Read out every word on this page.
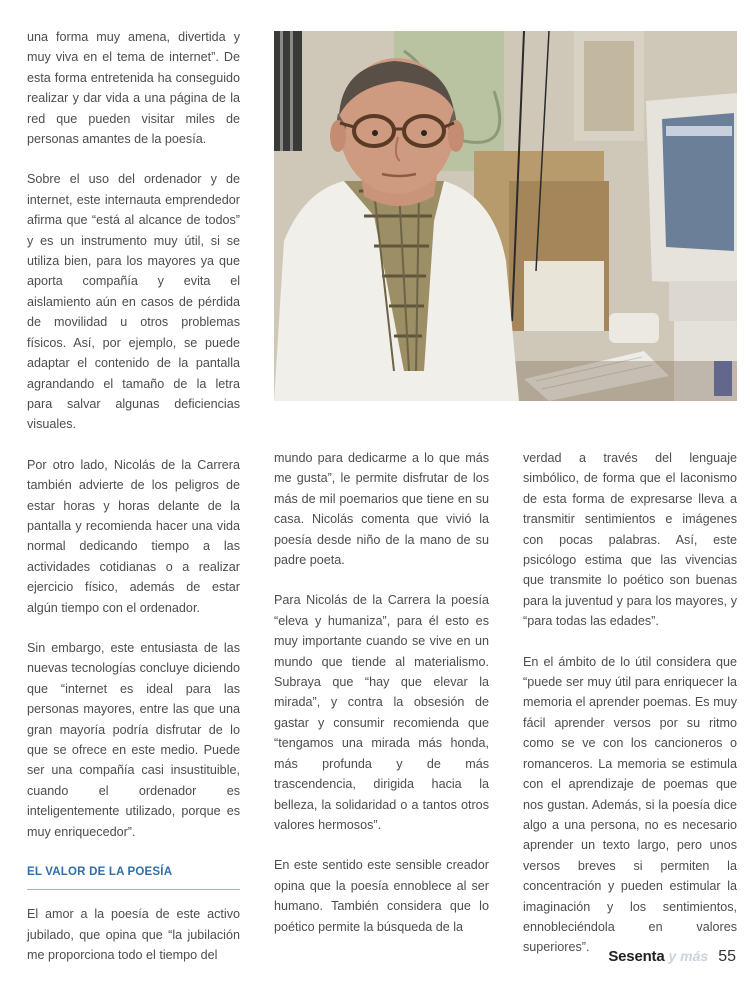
una forma muy amena, divertida y muy viva en el tema de internet”. De esta forma entretenida ha conseguido realizar y dar vida a una página de la red que pueden visitar miles de personas amantes de la poesía.

Sobre el uso del ordenador y de internet, este internauta emprendedor afirma que “está al alcance de todos” y es un instrumento muy útil, si se utiliza bien, para los mayores ya que aporta compañía y evita el aislamiento aún en casos de pérdida de movilidad u otros problemas físicos. Así, por ejemplo, se puede adaptar el contenido de la pantalla agrandando el tamaño de la letra para salvar algunas deficiencias visuales.

Por otro lado, Nicolás de la Carrera también advierte de los peligros de estar horas y horas delante de la pantalla y recomienda hacer una vida normal dedicando tiempo a las actividades cotidianas o a realizar ejercicio físico, además de estar algún tiempo con el ordenador.

Sin embargo, este entusiasta de las nuevas tecnologías concluye diciendo que “internet es ideal para las personas mayores, entre las que una gran mayoría podría disfrutar de lo que se ofrece en este medio. Puede ser una compañía casi insustituible, cuando el ordenador es inteligentemente utilizado, porque es muy enriquecedor”.

EL VALOR DE LA POESÍA

El amor a la poesía de este activo jubilado, que opina que “la jubilación me proporciona todo el tiempo del

mundo para dedicarme a lo que más me gusta”, le permite disfrutar de los más de mil poemarios que tiene en su casa. Nicolás comenta que vivió la poesía desde niño de la mano de su padre poeta.

Para Nicolás de la Carrera la poesía “eleva y humaniza”, para él esto es muy importante cuando se vive en un mundo que tiende al materialismo. Subraya que “hay que elevar la mirada”, y contra la obsesión de gastar y consumir recomienda que “tengamos una mirada más honda, más profunda y de más trascendencia, dirigida hacia la belleza, la solidaridad o a tantos otros valores hermosos”.

En este sentido este sensible creador opina que la poesía ennoblece al ser humano. También considera que lo poético permite la búsqueda de la

verdad a través del lenguaje simbólico, de forma que el laconismo de esta forma de expresarse lleva a transmitir sentimientos e imágenes con pocas palabras. Así, este psicólogo estima que las vivencias que transmite lo poético son buenas para la juventud y para los mayores, y “para todas las edades”.

En el ámbito de lo útil considera que “puede ser muy útil para enriquecer la memoria el aprender poemas. Es muy fácil aprender versos por su ritmo como se ve con los cancioneros o romanceros. La memoria se estimula con el aprendizaje de poemas que nos gustan. Además, si la poesía dice algo a una persona, no es necesario aprender un texto largo, pero unos versos breves si permiten la concentración y pueden estimular la imaginación y los sentimientos, ennobleciéndola en valores superiores”.

Sesenta y más 55
